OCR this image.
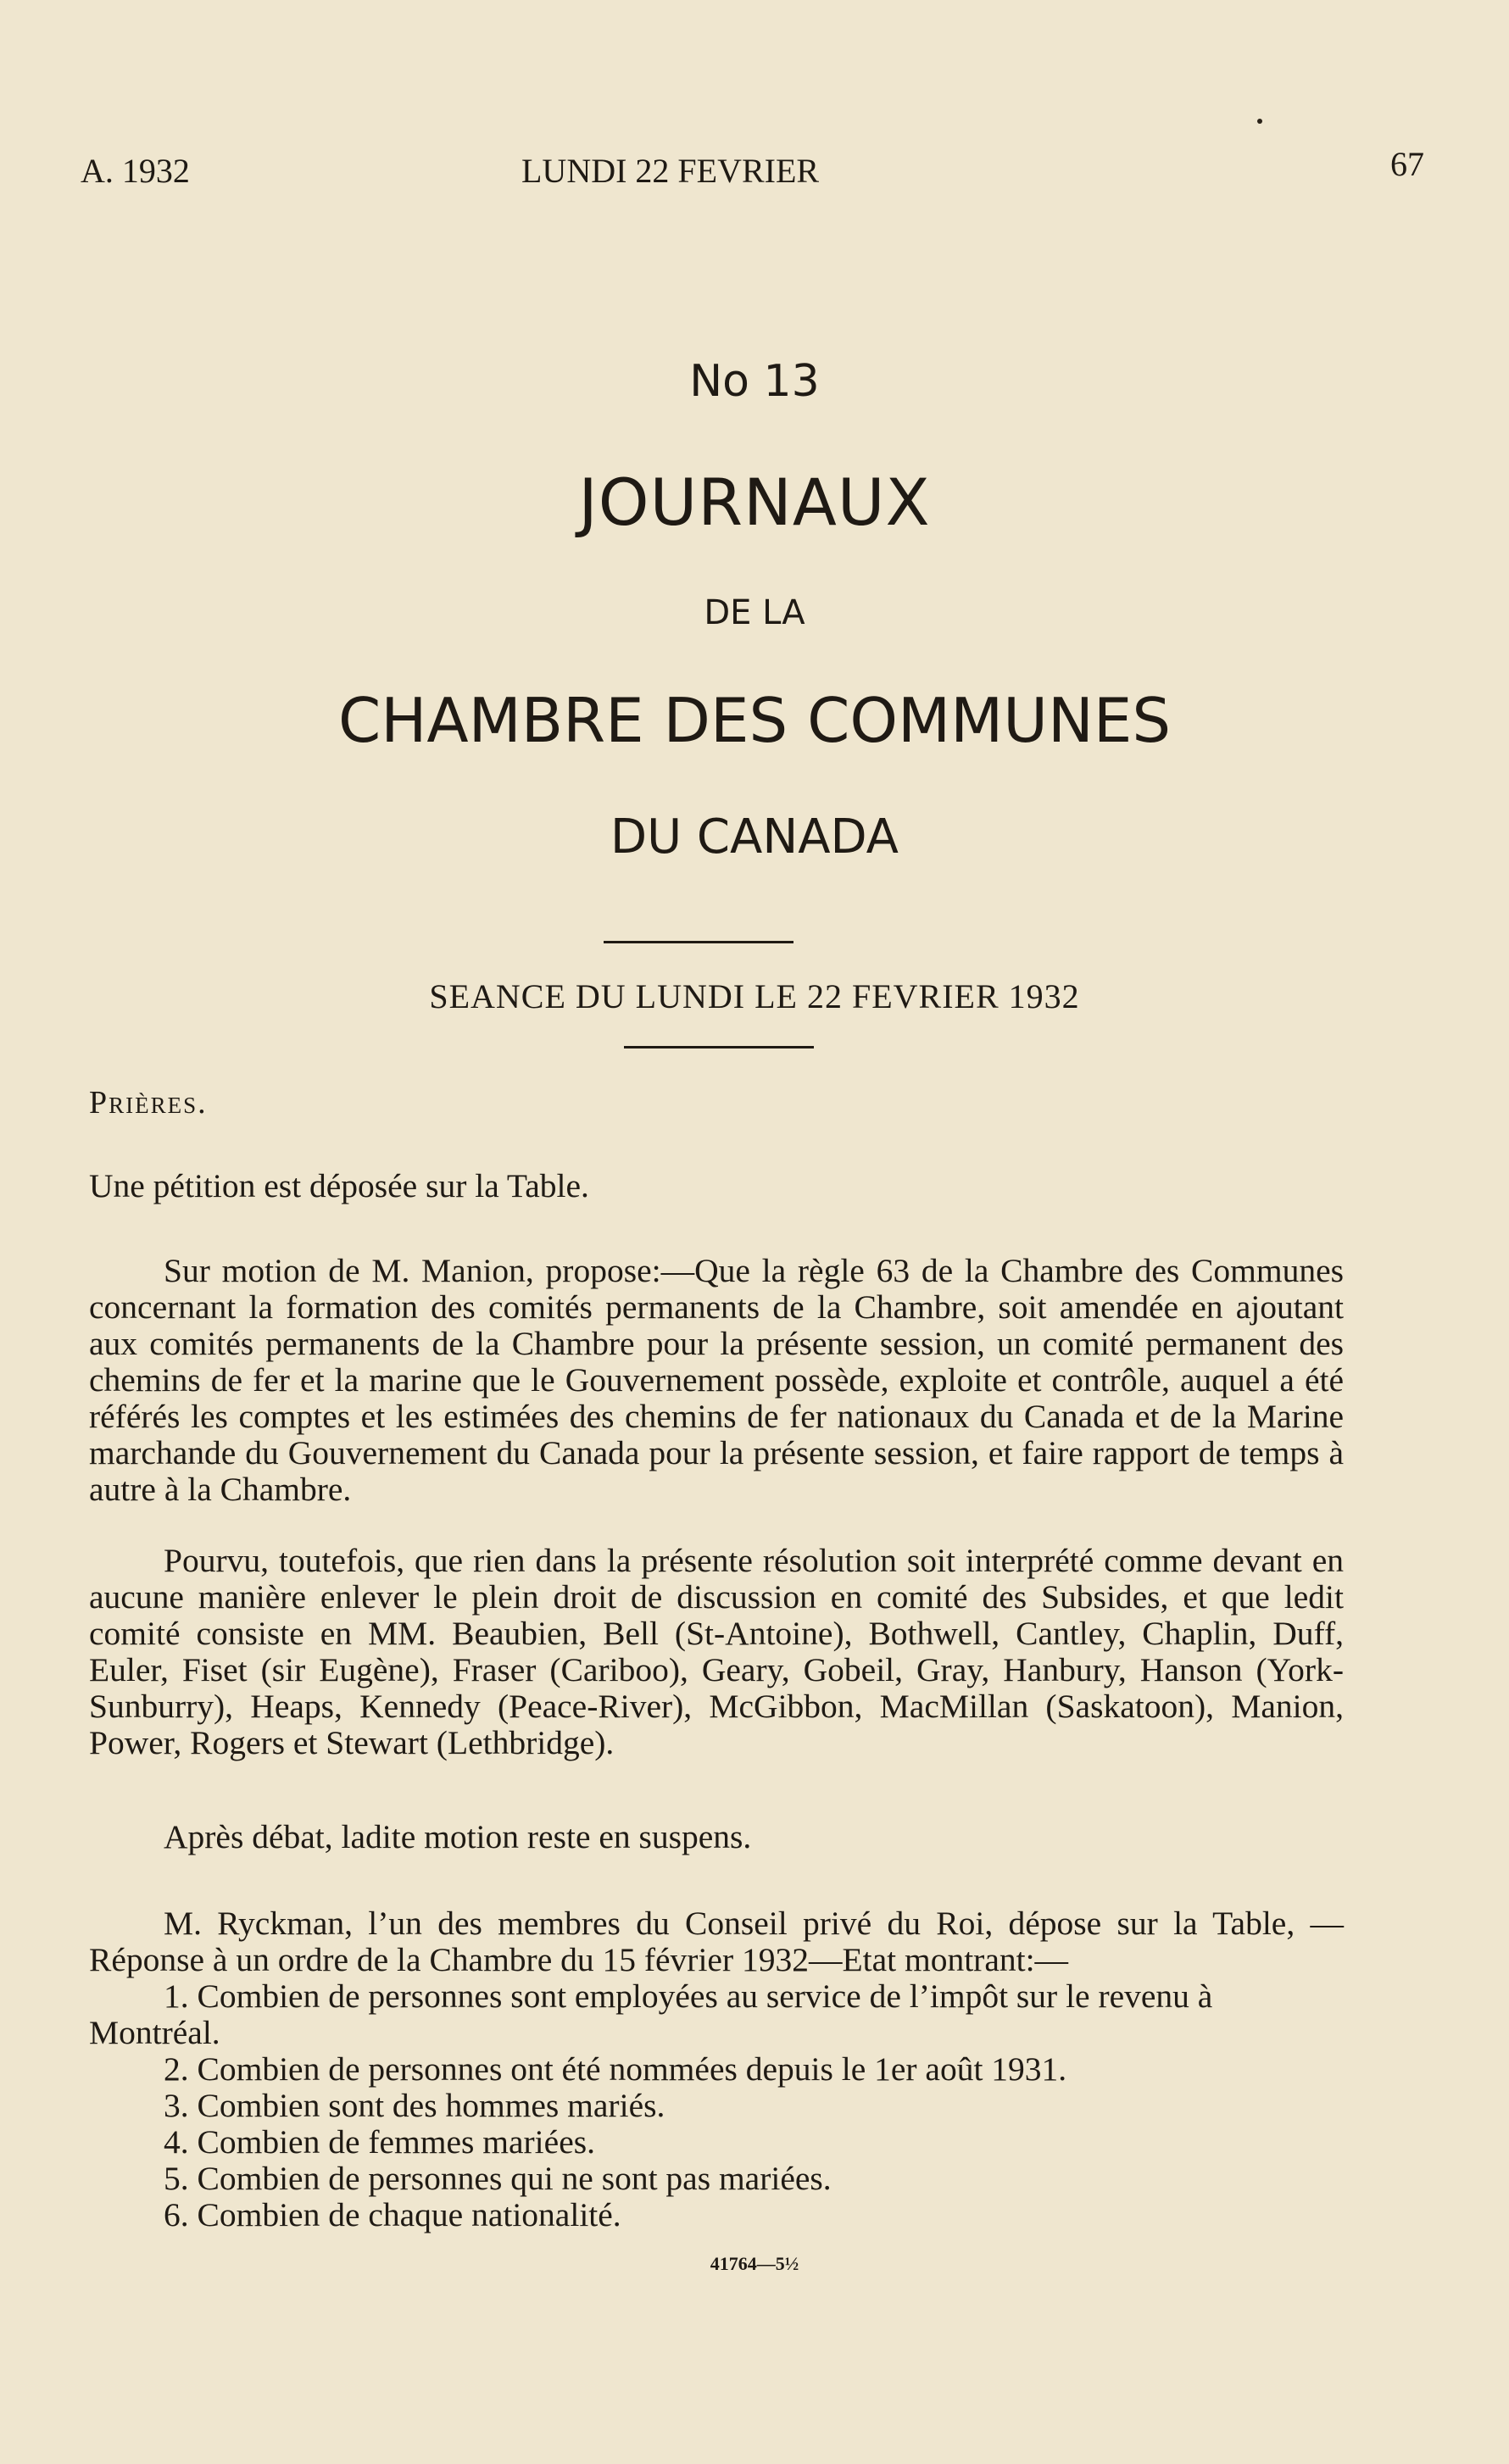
A. 1932	LUNDI 22 FEVRIER	67
No 13
JOURNAUX
DE LA
CHAMBRE DES COMMUNES
DU CANADA
SEANCE DU LUNDI LE 22 FEVRIER 1932
Prières.
Une pétition est déposée sur la Table.
Sur motion de M. Manion, propose:—Que la règle 63 de la Chambre des Communes concernant la formation des comités permanents de la Chambre, soit amendée en ajoutant aux comités permanents de la Chambre pour la présente session, un comité permanent des chemins de fer et la marine que le Gouvernement possède, exploite et contrôle, auquel a été référés les comptes et les estimées des chemins de fer nationaux du Canada et de la Marine marchande du Gouvernement du Canada pour la présente session, et faire rapport de temps à autre à la Chambre.
Pourvu, toutefois, que rien dans la présente résolution soit interprété comme devant en aucune manière enlever le plein droit de discussion en comité des Subsides, et que ledit comité consiste en MM. Beaubien, Bell (St-Antoine), Bothwell, Cantley, Chaplin, Duff, Euler, Fiset (sir Eugène), Fraser (Cariboo), Geary, Gobeil, Gray, Hanbury, Hanson (York-Sunburry), Heaps, Kennedy (Peace-River), McGibbon, MacMillan (Saskatoon), Manion, Power, Rogers et Stewart (Lethbridge).
Après débat, ladite motion reste en suspens.
M. Ryckman, l’un des membres du Conseil privé du Roi, dépose sur la Table, —Réponse à un ordre de la Chambre du 15 février 1932—Etat montrant:—
1. Combien de personnes sont employées au service de l’impôt sur le revenu à Montréal.
2. Combien de personnes ont été nommées depuis le 1er août 1931.
3. Combien sont des hommes mariés.
4. Combien de femmes mariées.
5. Combien de personnes qui ne sont pas mariées.
6. Combien de chaque nationalité.
41764—5½
